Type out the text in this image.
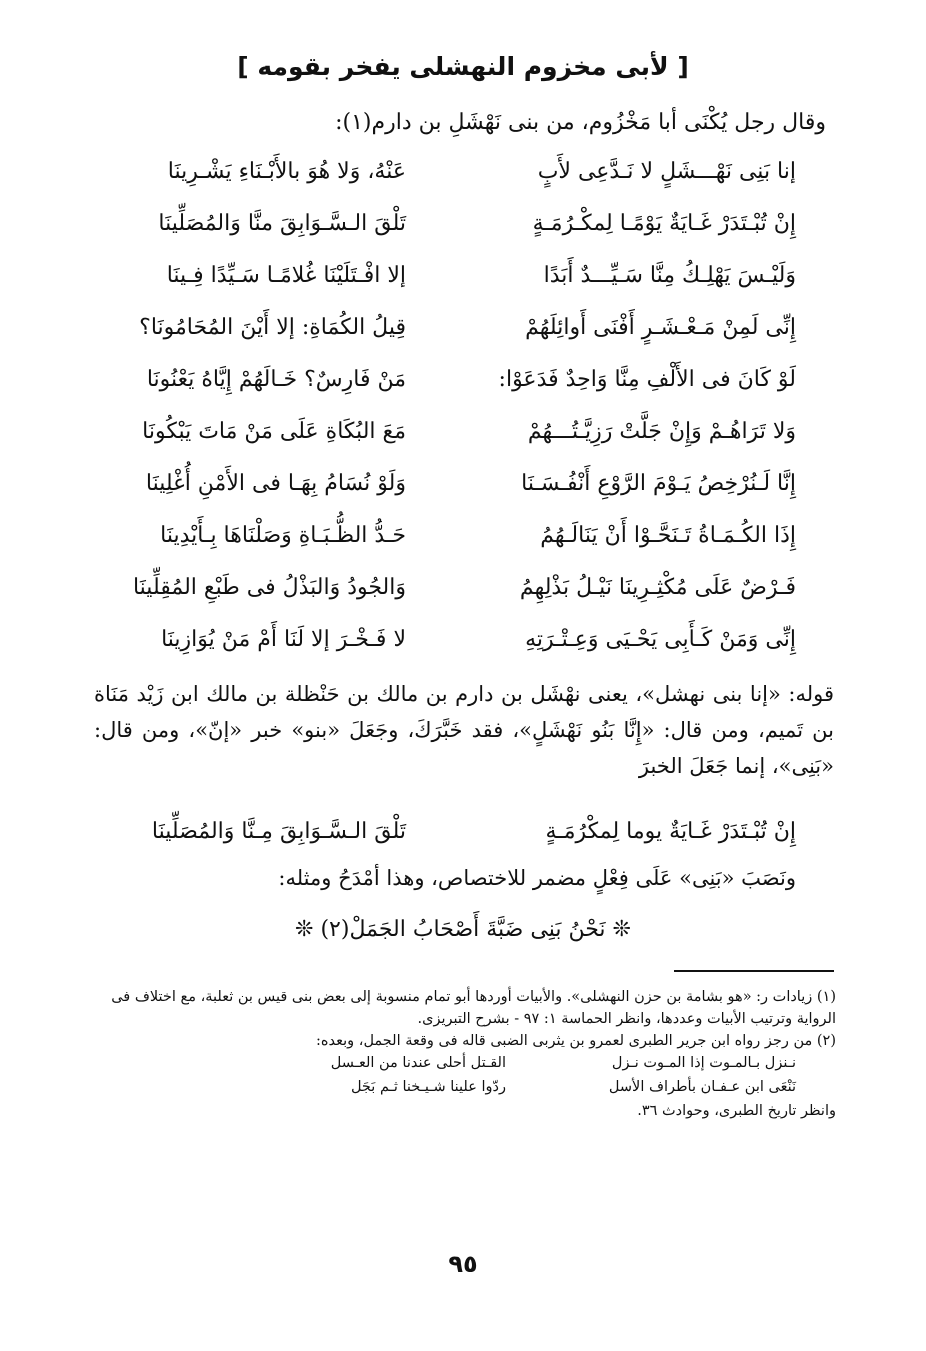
[ لأبى مخزوم النهشلى يفخر بقومه ]
وقال رجل يُكْنَى أبا مَخْزُوم، من بنى نَهْشَلِ بن دارم(١):
إنا بَنِى نَهْـــشَلٍ لا نَـدَّعِى لأَبٍ
عَنْهُ، وَلا هُوَ بالأَبْـنَاءِ يَشْـرِينَا
إِنْ تُبْـتَدَرْ غَـايَةٌ يَوْمًـا لِمكْـرُمَـةٍ
تَلْقَ الـسَّـوَابِقَ منَّا وَالمُصَلِّينَا
وَلَيْـسَ يَهْلِـكُ مِنَّا سَـيِّـــدٌ أَبَدًا
إلا افْـتَلَيْنَا غُلامًـا سَـيِّدًا فِـينَا
إِنِّى لَمِنْ مَـعْـشَـرٍ أَفْنَى أَوائِلَهُمْ
قِيلُ الكُمَاةِ: إلا أَيْنَ المُحَامُونَا؟
لَوْ كَانَ فى الأَلْفِ مِنَّا وَاحِدٌ فَدَعَوْا:
مَنْ فَارِسٌ؟ خَـالَهُمْ إِيَّاهُ يَعْنُونَا
وَلا تَرَاهُـمْ وَإِنْ جَلَّتْ رَزِيَّـتُـــهُمْ
مَعَ البُكَاةِ عَلَى مَنْ مَاتَ يَبْكُونَا
إِنَّا لَـنُرْخِصُ يَـوْمَ الرَّوْعِ أَنْفُـسَـنَا
وَلَوْ نُسَامُ بِهَـا فى الأَمْنِ أُغْلِينَا
إِذَا الكُـمَـاةُ تَـنَحَّـوْا أَنْ يَنَالَـهُمُ
حَـدُّ الظُّـبَـاةِ وَصَلْنَاهَا بِـأَيْدِينَا
فَـرْضٌ عَلَى مُكْثِـرِينَا نَيْـلُ بَذْلِهِمُ
وَالجُودُ وَالبَذْلُ فى طَبْعِ المُقِلِّينَا
إِنِّى وَمَنْ كَـأَبِى يَحْـيَى وَعِـتْـرَتِهِ
لا فَـخْـرَ إلا لَنَا أَمْ مَنْ يُوَازِينَا

قوله: «إنا بنى نهشل»، يعنى نهْشَل بن دارم بن مالك بن حَنْظلة بن مالك ابن زَيْد مَنَاة بن تَميم، ومن قال: «إِنَّا بَنُو نَهْشَلٍ»، فقد خَبَّرَكَ، وجَعَلَ «بنو» خبر «إنّ»، ومن قال: «بَنِى»، إنما جَعَلَ الخبرَ

إِنْ تُبْـتَدَرْ غَـايَةٌ يوما لِمكْرُمَـةٍ
تَلْقَ الـسَّـوَابِقَ مِـنَّا وَالمُصَلِّينَا
ونَصَبَ «بَنِى» عَلَى فِعْلٍ مضمر للاختصاص، وهذا أمْدَحُ ومثله:
❊ نَحْنُ بَنِى ضَبَّةَ أَصْحَابُ الجَمَلْ(٢) ❊

(١) زيادات ر: «هو بشامة بن حزن النهشلى». والأبيات أوردها أبو تمام منسوبة إلى بعض بنى قيس بن ثعلبة، مع اختلاف فى الرواية وترتيب الأبيات وعددها، وانظر الحماسة ١: ٩٧ - بشرح التبريزى.

(٢) من رجز رواه ابن جرير الطبرى لعمرو بن يثربى الضبى قاله فى وقعة الجمل، وبعده:

نـنزل بـالمـوت إذا المـوت نـزل
القـتل أحلى عندنا من العـسل
نَنْعَى ابن عـفـان بأطراف الأسل
ردّوا علينا شـيـخنا ثـم بَجَل

وانظر تاريخ الطبرى، وحوادث ٣٦.

٩٥
